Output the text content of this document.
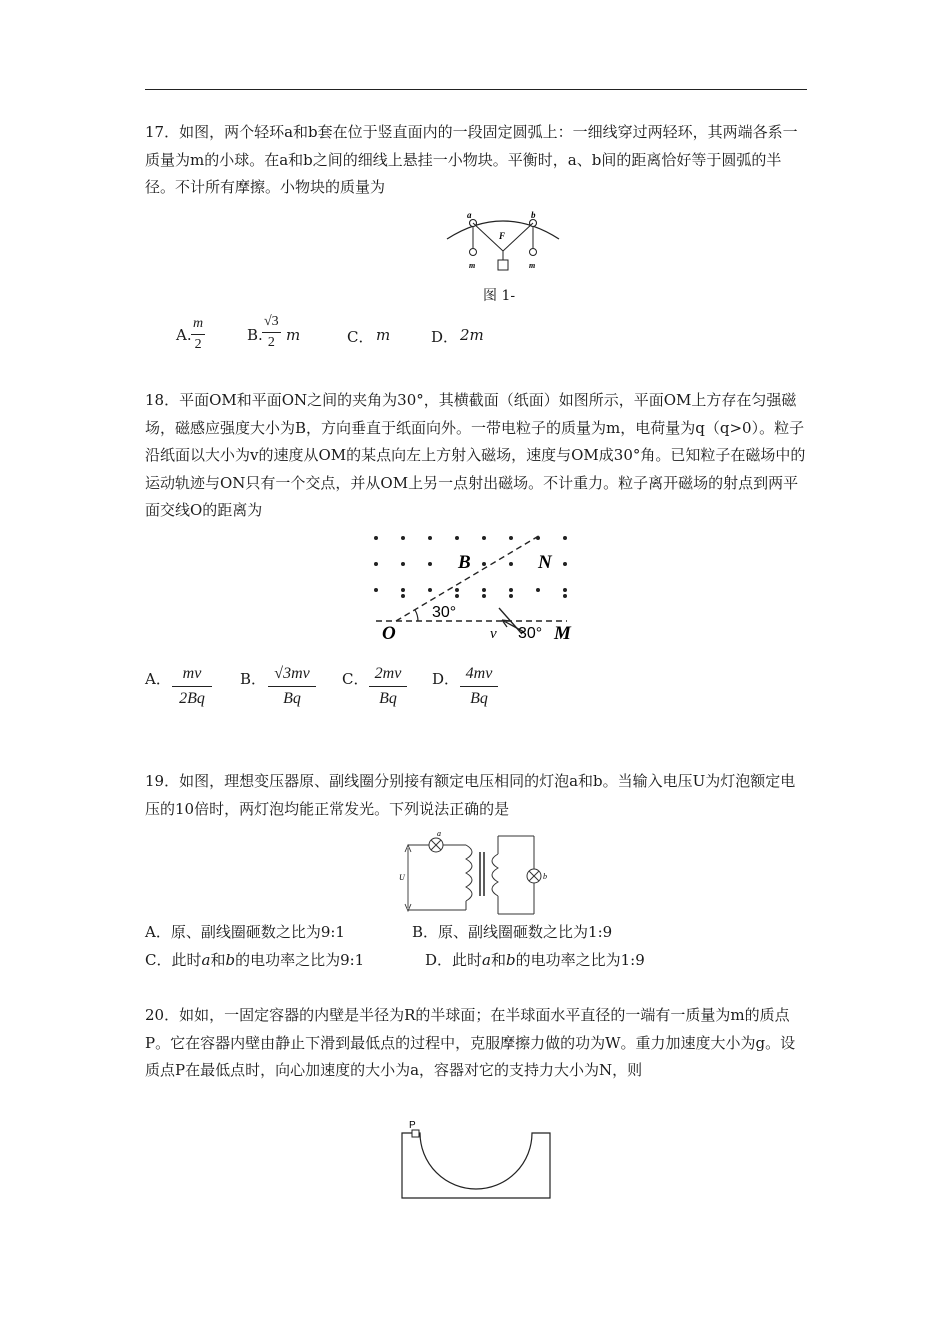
17．如图，两个轻环a和b套在位于竖直面内的一段固定圆弧上：一细线穿过两轻环，其两端各系一质量为m的小球。在a和b之间的细线上悬挂一小物块。平衡时，a、b间的距离恰好等于圆弧的半径。不计所有摩擦。小物块的质量为
a	b
F
m	m
图 1-
A.
m
2
B.
√3
2 m	C． m	D． 2m
18．平面OM和平面ON之间的夹角为30°，其横截面（纸面）如图所示，平面OM上方存在匀强磁场，磁感应强度大小为B，方向垂直于纸面向外。一带电粒子的质量为m，电荷量为q（q>0）。粒子沿纸面以大小为v的速度从OM的某点向左上方射入磁场，速度与OM成30°角。已知粒子在磁场中的运动轨迹与ON只有一个交点，并从OM上另一点射出磁场。不计重力。粒子离开磁场的射点到两平面交线O的距离为
B	N
O	M
v
30°
30°
A． mv
2Bq
B． √3mv
Bq
C． 2mv
Bq
D． 4mv
Bq
19．如图，理想变压器原、副线圈分别接有额定电压相同的灯泡a和b。当输入电压U为灯泡额定电压的10倍时，两灯泡均能正常发光。下列说法正确的是
a
b
U
A．原、副线圈砸数之比为9:1	B．原、副线圈砸数之比为1:9
C．此时a和b的电功率之比为9:1	D．此时a和b的电功率之比为1:9
20．如如，一固定容器的内壁是半径为R的半球面；在半球面水平直径的一端有一质量为m的质点P。它在容器内壁由静止下滑到最低点的过程中，克服摩擦力做的功为W。重力加速度大小为g。设质点P在最低点时，向心加速度的大小为a，容器对它的支持力大小为N，则
P
